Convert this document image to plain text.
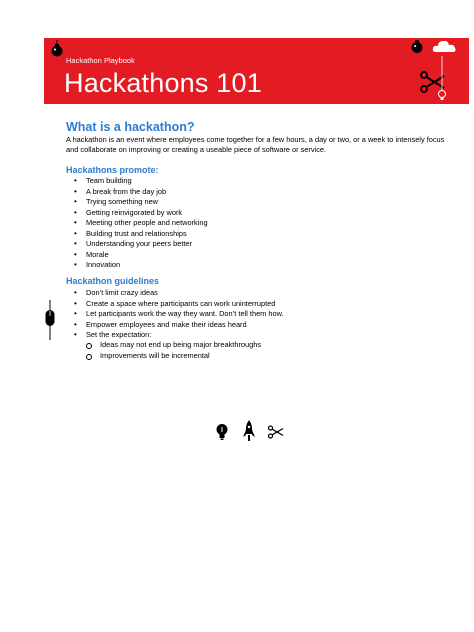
Hackathon Playbook
Hackathons 101
What is a hackathon?

A hackathon is an event where employees come together for a few hours, a day or two, or a week to intensely focus and collaborate on improving or creating a useable piece of software or service.

Hackathons promote:
• Team building
• A break from the day job
• Trying something new
• Getting reinvigorated by work
• Meeting other people and networking
• Building trust and relationships
• Understanding your peers better
• Morale
• Innovation
Hackathon guidelines
• Don’t limit crazy ideas
• Create a space where participants can work uninterrupted
• Let participants work the way they want. Don’t tell them how.
• Empower employees and make their ideas heard
• Set the expectation:
Ideas may not end up being major breakthroughs
Improvements will be incremental
